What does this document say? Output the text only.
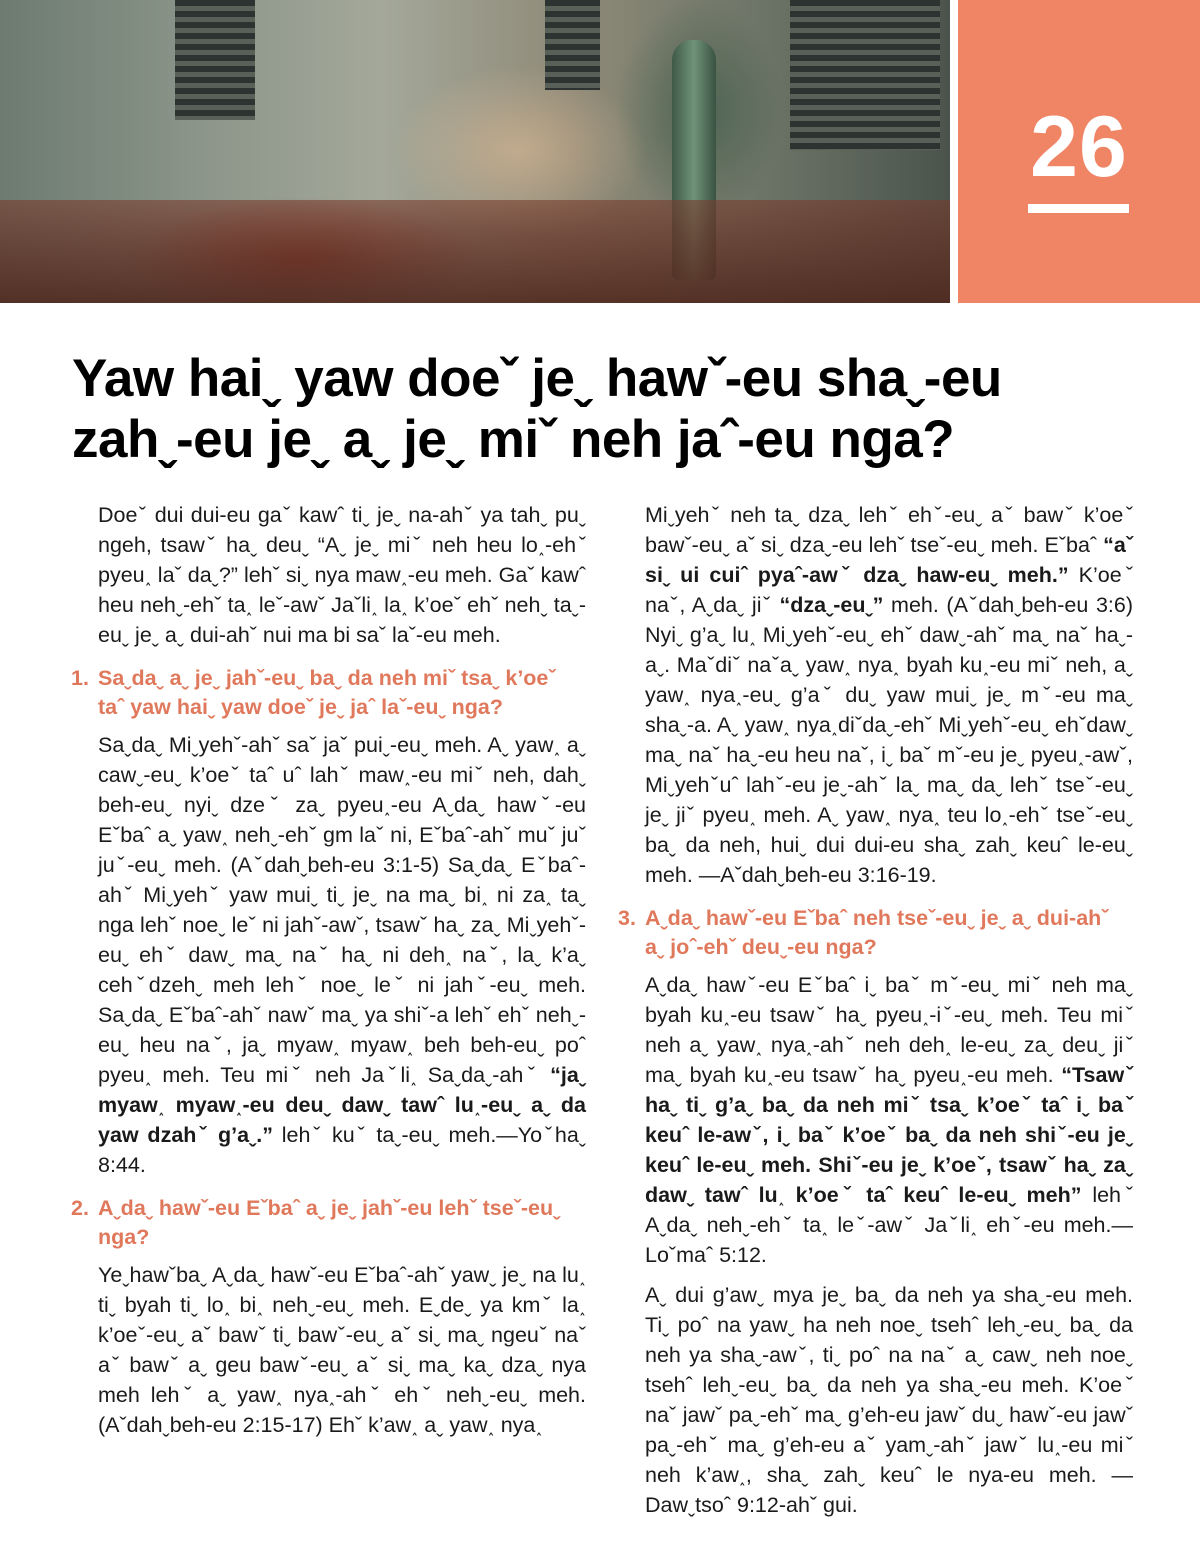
26
Yaw haiˬ yaw doeˇ jeˬ hawˇ-eu shaˬ-eu
zahˬ-eu jeˬ aˬ jeˬ miˇ neh jaˆ-eu nga?

Doeˇ dui dui-eu gaˇ kawˆ tiˬ jeˬ na-ahˇ ya tahˬ puˬ ngeh, tsawˇ haˬ deuˬ “Aˬ jeˬ miˇ neh heu lo˰-ehˇ pyeu˰ laˇ daˬ?” lehˇ siˬ nya maw˰-eu meh. Gaˇ kawˆ heu nehˬ-ehˇ ta˰ leˇ-awˇ Jaˇli˰ la˰ k’oeˇ ehˇ nehˬ taˬ-euˬ jeˬ aˬ dui-ahˇ nui ma bi saˇ laˇ-eu meh.

1. Saˬdaˬ aˬ jeˬ jahˇ-euˬ baˬ da neh miˇ tsaˬ k’oeˇ taˆ yaw haiˬ yaw doeˇ jeˬ jaˆ laˇ-euˬ nga?

Saˬdaˬ Miˬyehˇ-ahˇ saˇ jaˇ puiˬ-euˬ meh. Aˬ yaw˰ aˬ cawˬ-euˬ k’oeˇ taˆ uˆ lahˇ maw˰-eu miˇ neh, dahˬ beh-euˬ nyiˬ dzeˇ zaˬ pyeu˰-eu Aˬdaˬ hawˇ-eu Eˇbaˆ aˬ yaw˰ nehˬ-ehˇ gm laˇ ni, Eˇbaˆ-ahˇ muˇ juˇ juˇ-euˬ meh. (Aˇdahˬbeh-eu 3:1-5) Saˬdaˬ Eˇbaˆ-ahˇ Miˬyehˇ yaw muiˬ tiˬ jeˬ na maˬ bi˰ ni za˰ taˬ nga lehˇ noeˬ leˇ ni jahˇ-awˇ, tsawˇ haˬ zaˬ Miˬyehˇ-euˬ ehˇ dawˬ maˬ naˇ haˬ ni deh˰ naˇ, laˬ k’aˬ cehˇdzehˬ meh lehˇ noeˬ leˇ ni jahˇ-euˬ meh. Saˬdaˬ Eˇbaˆ-ahˇ nawˇ maˬ ya shiˇ-a lehˇ ehˇ nehˬ-euˬ heu naˇ, jaˬ myaw˰ myaw˰ beh beh-euˬ poˆ pyeu˰ meh. Teu miˇ neh Jaˇli˰ Saˬdaˬ-ahˇ “jaˬ myaw˰ myaw˰-eu deuˬ dawˬ tawˆ lu˰-euˬ aˬ da yaw dzahˇ g’aˬ.” lehˇ kuˇ taˬ-euˬ meh.—Yoˇhaˬ 8:44.

2. Aˬdaˬ hawˇ-eu Eˇbaˆ aˬ jeˬ jahˇ-eu lehˇ tseˇ-euˬ nga?

Yeˬhawˇbaˬ Aˬdaˬ hawˇ-eu Eˇbaˆ-ahˇ yawˬ jeˬ na lu˰ tiˬ byah tiˬ lo˰ bi˰ nehˬ-euˬ meh. Eˬdeˬ ya kmˇ la˰ k’oeˇ-euˬ aˇ bawˇ tiˬ bawˇ-euˬ aˇ siˬ maˬ ngeuˇ naˇ aˇ bawˇ aˬ geu bawˇ-euˬ aˇ siˬ maˬ kaˬ dzaˬ nya meh lehˇ aˬ yaw˰ nya˰-ahˇ ehˇ nehˬ-euˬ meh. (Aˇdahˬbeh-eu 2:15-17) Ehˇ k’aw˰ aˬ yaw˰ nya˰

Miˬyehˇ neh taˬ dzaˬ lehˇ ehˇ-euˬ aˇ bawˇ k’oeˇ bawˇ-euˬ aˇ siˬ dzaˬ-eu lehˇ tseˇ-euˬ meh. Eˇbaˆ “aˇ siˬ ui cuiˆ pyaˆ-awˇ dzaˬ haw-euˬ meh.” K’oeˇ naˇ, Aˬdaˬ jiˇ “dzaˬ-euˬ” meh. (Aˇdahˬbeh-eu 3:6) Nyiˬ g’aˬ lu˰ Miˬyehˇ-euˬ ehˇ dawˬ-ahˇ maˬ naˇ haˬ-aˬ. Maˇdiˇ naˇaˬ yaw˰ nya˰ byah ku˰-eu miˇ neh, aˬ yaw˰ nya˰-euˬ g’aˇ duˬ yaw muiˬ jeˬ mˇ-eu maˬ shaˬ-a. Aˬ yaw˰ nya˰diˇdaˬ-ehˇ Miˬyehˇ-euˬ ehˇdawˬ maˬ naˇ haˬ-eu heu naˇ, iˬ baˇ mˇ-eu jeˬ pyeu˰-awˇ, Miˬyehˇuˆ lahˇ-eu jeˬ-ahˇ laˬ maˬ daˬ lehˇ tseˇ-euˬ jeˬ jiˇ pyeu˰ meh. Aˬ yaw˰ nya˰ teu lo˰-ehˇ tseˇ-euˬ baˬ da neh, huiˬ dui dui-eu shaˬ zahˬ keuˆ le-euˬ meh. —Aˇdahˬbeh-eu 3:16-19.

3. Aˬdaˬ hawˇ-eu Eˇbaˆ neh tseˇ-euˬ jeˬ aˬ dui-ahˇ aˬ joˆ-ehˇ deuˬ-eu nga?

Aˬdaˬ hawˇ-eu Eˇbaˆ iˬ baˇ mˇ-euˬ miˇ neh maˬ byah ku˰-eu tsawˇ haˬ pyeu˰-iˇ-euˬ meh. Teu miˇ neh aˬ yaw˰ nya˰-ahˇ neh deh˰ le-euˬ zaˬ deuˬ jiˇ maˬ byah ku˰-eu tsawˇ haˬ pyeu˰-eu meh. “Tsawˇ haˬ tiˬ g’aˬ baˬ da neh miˇ tsaˬ k’oeˇ taˆ iˬ baˇ keuˆ le-awˇ, iˬ baˇ k’oeˇ baˬ da neh shiˇ-eu jeˬ keuˆ le-euˬ meh. Shiˇ-eu jeˬ k’oeˇ, tsawˇ haˬ zaˬ dawˬ tawˆ lu˰ k’oeˇ taˆ keuˆ le-euˬ meh” lehˇ Aˬdaˬ nehˬ-ehˇ ta˰ leˇ-awˇ Jaˇli˰ ehˇ-eu meh.—Loˇmaˆ 5:12.

Aˬ dui g’awˬ mya jeˬ baˬ da neh ya shaˬ-eu meh. Tiˬ poˆ na yawˬ ha neh noeˬ tsehˆ lehˬ-euˬ baˬ da neh ya shaˬ-awˇ, tiˬ poˆ na naˇ aˬ cawˬ neh noeˬ tsehˆ lehˬ-euˬ baˬ da neh ya shaˬ-eu meh. K’oeˇ naˇ jawˇ paˬ-ehˇ maˬ g’eh-eu jawˇ duˬ hawˇ-eu jawˇ paˬ-ehˇ maˬ g’eh-eu aˇ yamˬ-ahˇ jawˇ lu˰-eu miˇ neh k’aw˰, shaˬ zahˬ keuˆ le nya-eu meh. —Dawˬtsoˆ 9:12-ahˇ gui.
